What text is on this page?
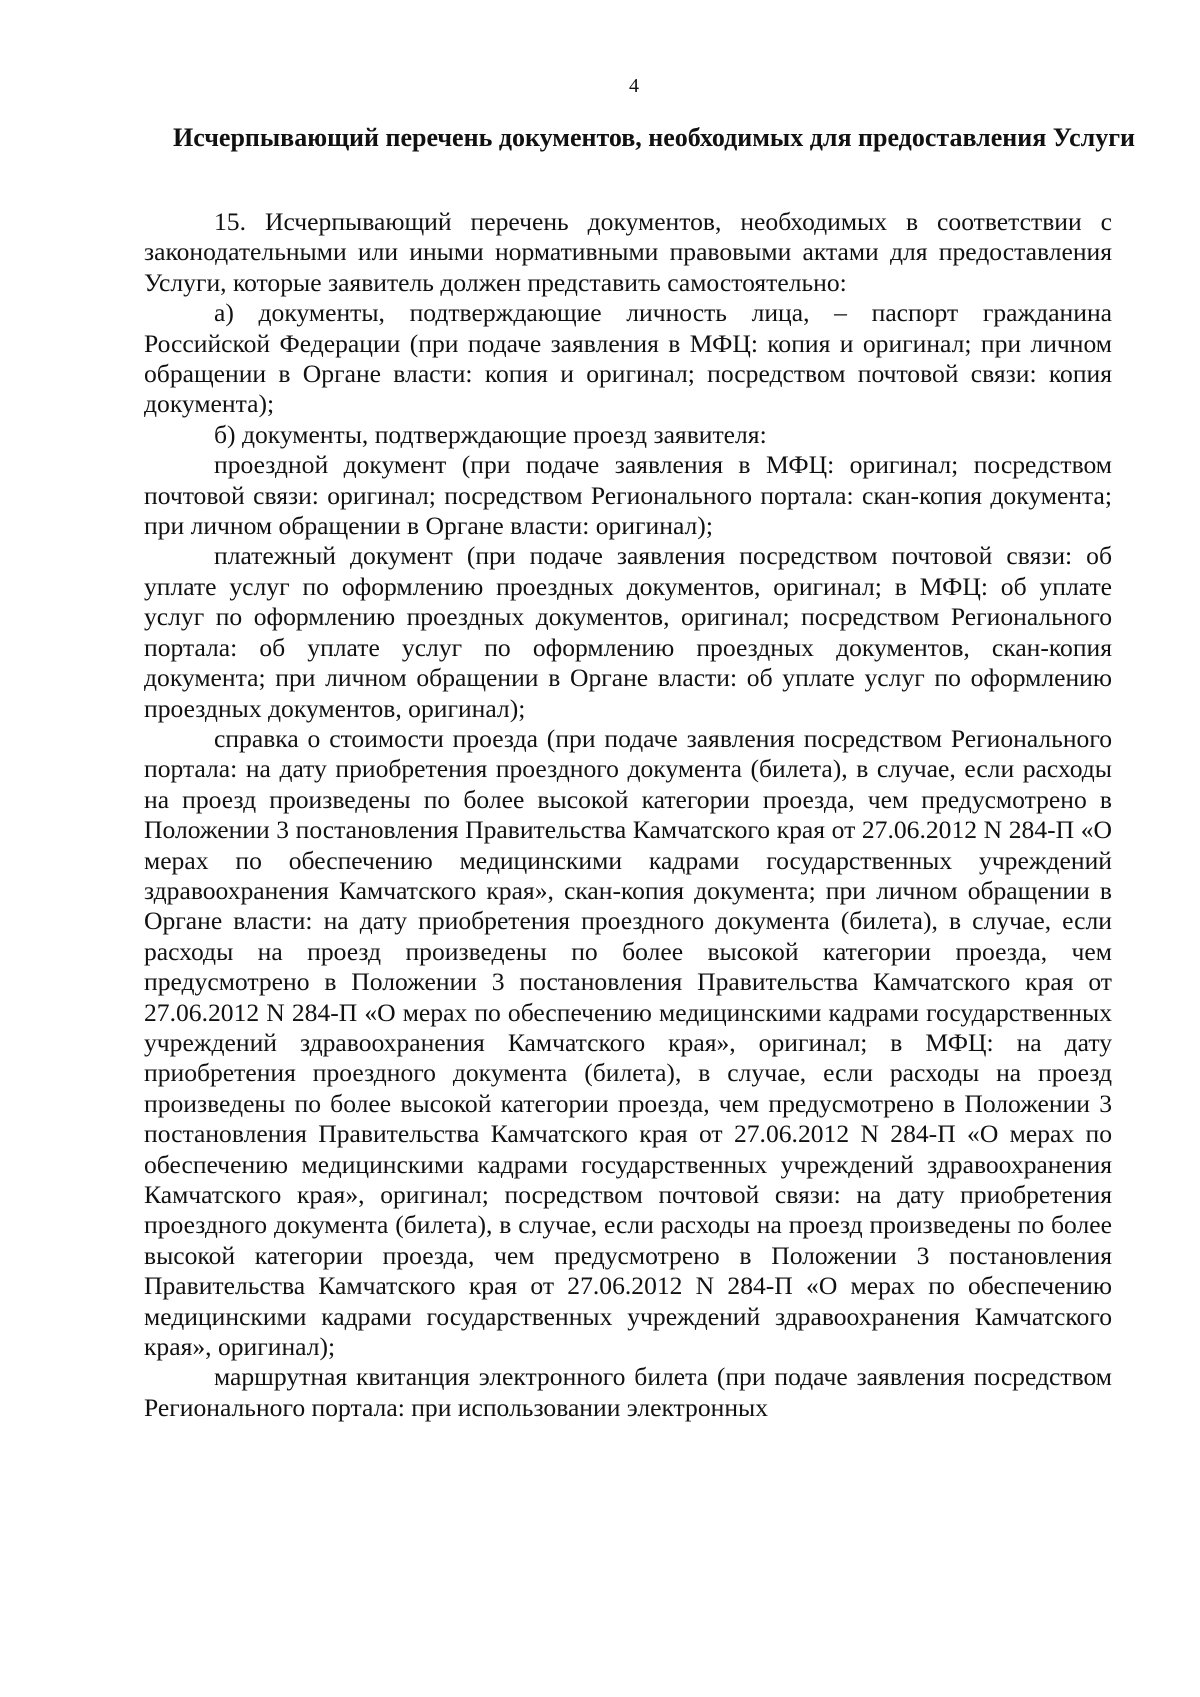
4
Исчерпывающий перечень документов, необходимых для предоставления Услуги

15. Исчерпывающий перечень документов, необходимых в соответствии с законодательными или иными нормативными правовыми актами для предоставления Услуги, которые заявитель должен представить самостоятельно:

а) документы, подтверждающие личность лица, – паспорт гражданина Российской Федерации (при подаче заявления в МФЦ: копия и оригинал; при личном обращении в Органе власти: копия и оригинал; посредством почтовой связи: копия документа);

б) документы, подтверждающие проезд заявителя:

проездной документ (при подаче заявления в МФЦ: оригинал; посредством почтовой связи: оригинал; посредством Регионального портала: скан-копия документа; при личном обращении в Органе власти: оригинал);

платежный документ (при подаче заявления посредством почтовой связи: об уплате услуг по оформлению проездных документов, оригинал; в МФЦ: об уплате услуг по оформлению проездных документов, оригинал; посредством Регионального портала: об уплате услуг по оформлению проездных документов, скан-копия документа; при личном обращении в Органе власти: об уплате услуг по оформлению проездных документов, оригинал);

справка о стоимости проезда (при подаче заявления посредством Регионального портала: на дату приобретения проездного документа (билета), в случае, если расходы на проезд произведены по более высокой категории проезда, чем предусмотрено в Положении 3 постановления Правительства Камчатского края от 27.06.2012 N 284-П «О мерах по обеспечению медицинскими кадрами государственных учреждений здравоохранения Камчатского края», скан-копия документа; при личном обращении в Органе власти: на дату приобретения проездного документа (билета), в случае, если расходы на проезд произведены по более высокой категории проезда, чем предусмотрено в Положении 3 постановления Правительства Камчатского края от 27.06.2012 N 284-П «О мерах по обеспечению медицинскими кадрами государственных учреждений здравоохранения Камчатского края», оригинал; в МФЦ: на дату приобретения проездного документа (билета), в случае, если расходы на проезд произведены по более высокой категории проезда, чем предусмотрено в Положении 3 постановления Правительства Камчатского края от 27.06.2012 N 284-П «О мерах по обеспечению медицинскими кадрами государственных учреждений здравоохранения Камчатского края», оригинал; посредством почтовой связи: на дату приобретения проездного документа (билета), в случае, если расходы на проезд произведены по более высокой категории проезда, чем предусмотрено в Положении 3 постановления Правительства Камчатского края от 27.06.2012 N 284-П «О мерах по обеспечению медицинскими кадрами государственных учреждений здравоохранения Камчатского края», оригинал);

маршрутная квитанция электронного билета (при подаче заявления посредством Регионального портала: при использовании электронных
